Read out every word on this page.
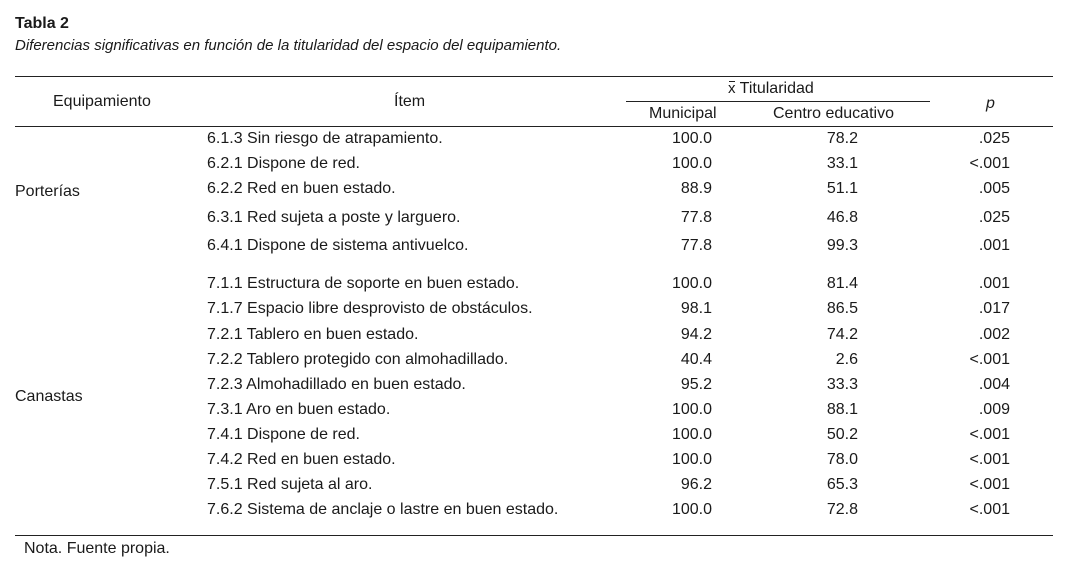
Tabla 2
Diferencias significativas en función de la titularidad del espacio del equipamiento.
Equipamiento	Ítem
x Titularidad
Municipal	Centro educativo
p
Porterías
Canastas
6.1.3 Sin riesgo de atrapamiento.	100.0	78.2	.025
6.2.1 Dispone de red.	100.0	33.1	<.001
6.2.2 Red en buen estado.	88.9	51.1	.005
6.3.1 Red sujeta a poste y larguero.	77.8	46.8	.025
6.4.1 Dispone de sistema antivuelco.	77.8	99.3	.001
7.1.1 Estructura de soporte en buen estado.	100.0	81.4	.001
7.1.7 Espacio libre desprovisto de obstáculos.	98.1	86.5	.017
7.2.1 Tablero en buen estado.	94.2	74.2	.002
7.2.2 Tablero protegido con almohadillado.	40.4	2.6	<.001
7.2.3 Almohadillado en buen estado.	95.2	33.3	.004
7.3.1 Aro en buen estado.	100.0	88.1	.009
7.4.1 Dispone de red.	100.0	50.2	<.001
7.4.2 Red en buen estado.	100.0	78.0	<.001
7.5.1 Red sujeta al aro.	96.2	65.3	<.001
7.6.2 Sistema de anclaje o lastre en buen estado.	100.0	72.8	<.001
Nota. Fuente propia.
